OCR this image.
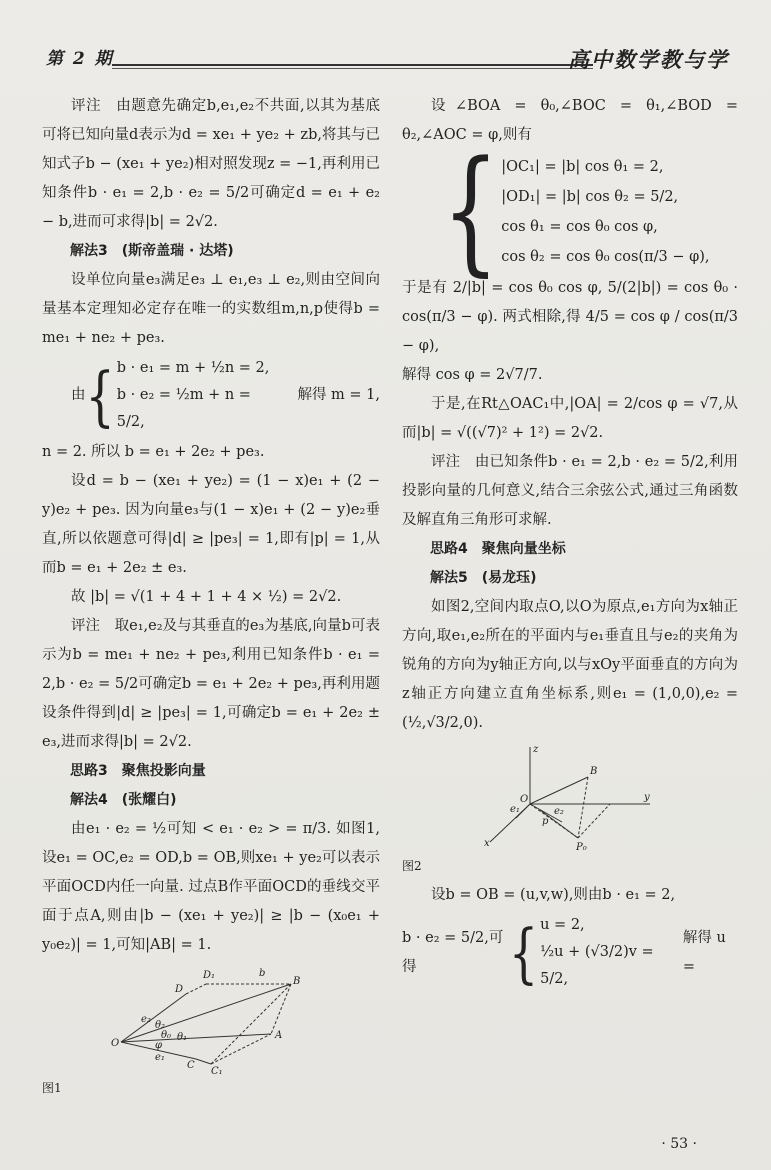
第 2 期	高中数学教与学

评注　由题意先确定b,e₁,e₂不共面,以其为基底可将已知向量d表示为d = xe₁ + ye₂ + zb,将其与已知式子b − (xe₁ + ye₂)相对照发现z = −1,再利用已知条件b · e₁ = 2,b · e₂ = 5/2可确定d = e₁ + e₂ − b,进而可求得|b| = 2√2.

解法3　(斯帝盖瑞 · 达塔)

设单位向量e₃满足e₃ ⊥ e₁,e₃ ⊥ e₂,则由空间向量基本定理知必定存在唯一的实数组m,n,p使得b = me₁ + ne₂ + pe₃.

由 { b · e₁ = m + ½n = 2,
b · e₂ = ½m + n = 5/2,
解得 m = 1,

n = 2. 所以 b = e₁ + 2e₂ + pe₃.

设d = b − (xe₁ + ye₂) = (1 − x)e₁ + (2 − y)e₂ + pe₃. 因为向量e₃与(1 − x)e₁ + (2 − y)e₂垂直,所以依题意可得|d| ≥ |pe₃| = 1,即有|p| = 1,从而b = e₁ + 2e₂ ± e₃.

故 |b| = √(1 + 4 + 1 + 4 × ½) = 2√2.

评注　取e₁,e₂及与其垂直的e₃为基底,向量b可表示为b = me₁ + ne₂ + pe₃,利用已知条件b · e₁ = 2,b · e₂ = 5/2可确定b = e₁ + 2e₂ + pe₃,再利用题设条件得到|d| ≥ |pe₃| = 1,可确定b = e₁ + 2e₂ ± e₃,进而求得|b| = 2√2.

思路3　聚焦投影向量

解法4　(张耀白)

由e₁ · e₂ = ½可知 < e₁ · e₂ > = π/3. 如图1,设e₁ = OC,e₂ = OD,b = OB,则xe₁ + ye₂可以表示平面OCD内任一向量. 过点B作平面OCD的垂线交平面于点A,则由|b − (xe₁ + ye₂)| ≥ |b − (x₀e₁ + y₀e₂)| = 1,可知|AB| = 1.

O
D
D₁
B
A
C
C₁
b
e₂
e₁
θ₂
θ₀ θ₁
φ

图1

设∠BOA = θ₀,∠BOC = θ₁,∠BOD = θ₂,∠AOC = φ,则有

{ |OC₁| = |b| cos θ₁ = 2,
|OD₁| = |b| cos θ₂ = 5/2,
cos θ₁ = cos θ₀ cos φ,
cos θ₂ = cos θ₀ cos(π/3 − φ),

于是有 2/|b| = cos θ₀ cos φ, 5/(2|b|) = cos θ₀ · cos(π/3 − φ). 两式相除,得 4/5 = cos φ / cos(π/3 − φ),

解得 cos φ = 2√7/7.

于是,在Rt△OAC₁中,|OA| = 2/cos φ = √7,从而|b| = √((√7)² + 1²) = 2√2.

评注　由已知条件b · e₁ = 2,b · e₂ = 5/2,利用投影向量的几何意义,结合三余弦公式,通过三角函数及解直角三角形可求解.

思路4　聚焦向量坐标

解法5　(易龙珏)

如图2,空间内取点O,以O为原点,e₁方向为x轴正方向,取e₁,e₂所在的平面内与e₁垂直且与e₂的夹角为锐角的方向为y轴正方向,以与xOy平面垂直的方向为z轴正方向建立直角坐标系,则e₁ = (1,0,0),e₂ = (½,√3/2,0).

z
y
x
O
B
P₀
e₁	e₂
p

图2

设b = OB = (u,v,w),则由b · e₁ = 2,

b · e₂ = 5/2,可得	{ u = 2,
½u + (√3/2)v = 5/2,
解得 u =
· 53 ·
